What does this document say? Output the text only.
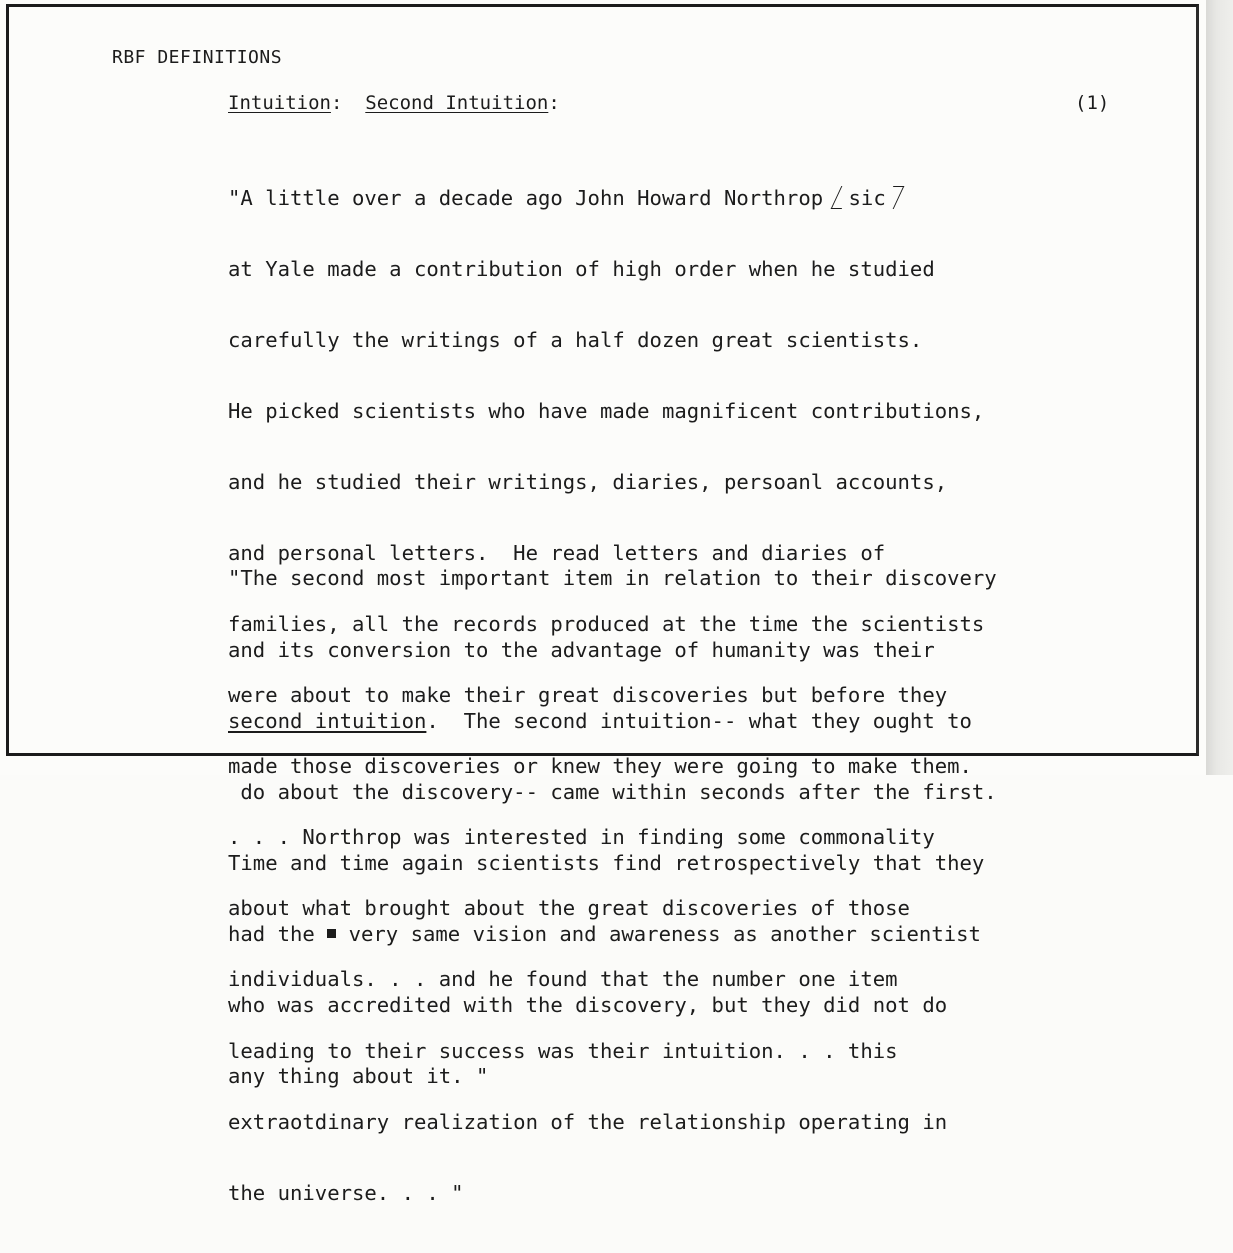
RBF DEFINITIONS
Intuition: Second Intuition:	(1)

"A little over a decade ago John Howard Northrop sic

at Yale made a contribution of high order when he studied

carefully the writings of a half dozen great scientists.

He picked scientists who have made magnificent contributions,

and he studied their writings, diaries, persoanl accounts,

and personal letters.  He read letters and diaries of

families, all the records produced at the time the scientists

were about to make their great discoveries but before they

made those discoveries or knew they were going to make them.

. . . Northrop was interested in finding some commonality

about what brought about the great discoveries of those

individuals. . . and he found that the number one item

leading to their success was their intuition. . . this

extraotdinary realization of the relationship operating in

the universe. . . "

"The second most important item in relation to their discovery

and its conversion to the advantage of humanity was their

second intuition.  The second intuition-- what they ought to

do about the discovery-- came within seconds after the first.

Time and time again scientists find retrospectively that they

had the  very same vision and awareness as another scientist

who was accredited with the discovery, but they did not do

any thing about it. "
